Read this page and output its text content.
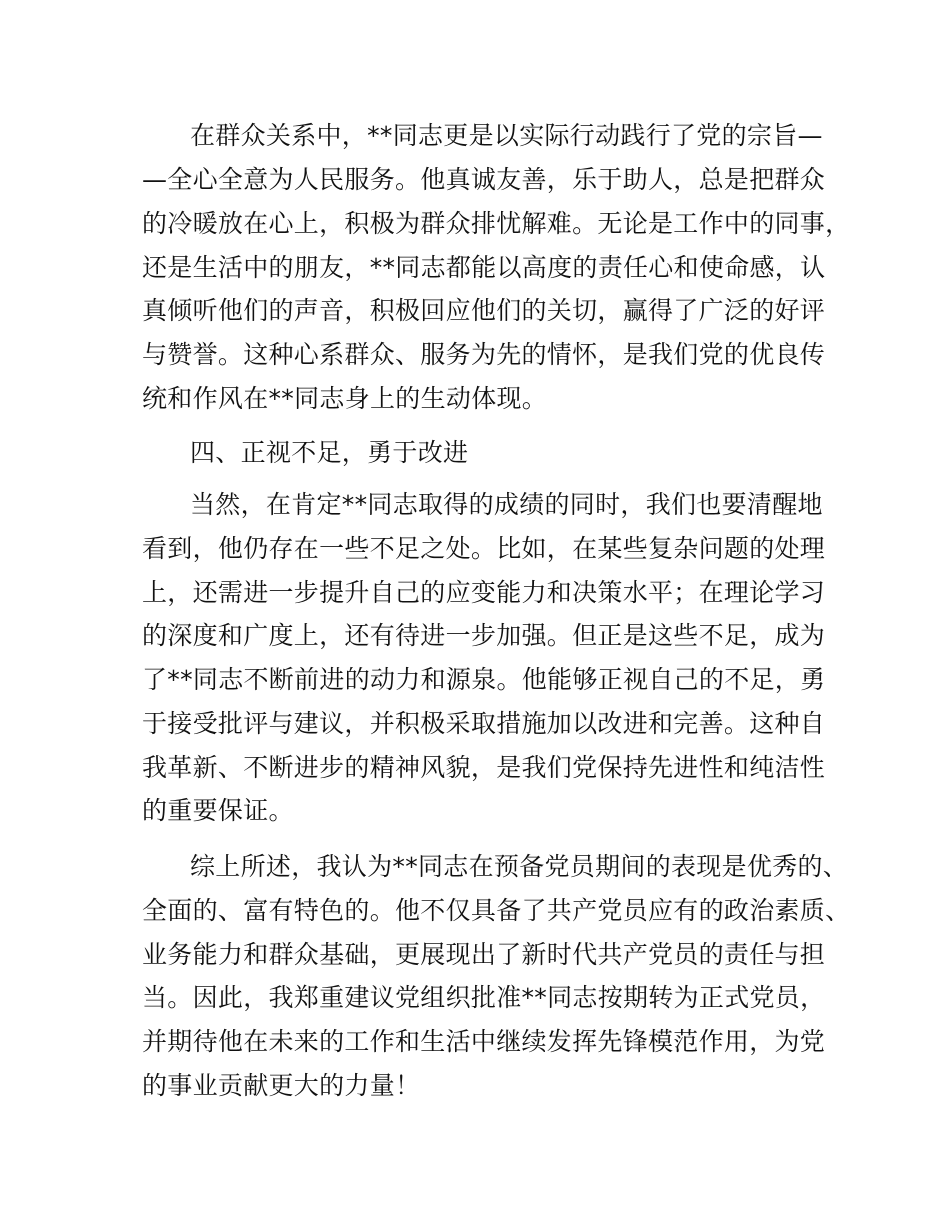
在群众关系中，**同志更是以实际行动践行了党的宗旨—
—全心全意为人民服务。他真诚友善，乐于助人，总是把群众
的冷暖放在心上，积极为群众排忧解难。无论是工作中的同事，
还是生活中的朋友，**同志都能以高度的责任心和使命感，认
真倾听他们的声音，积极回应他们的关切，赢得了广泛的好评
与赞誉。这种心系群众、服务为先的情怀，是我们党的优良传
统和作风在**同志身上的生动体现。
四、正视不足，勇于改进
当然，在肯定**同志取得的成绩的同时，我们也要清醒地
看到，他仍存在一些不足之处。比如，在某些复杂问题的处理
上，还需进一步提升自己的应变能力和决策水平；在理论学习
的深度和广度上，还有待进一步加强。但正是这些不足，成为
了**同志不断前进的动力和源泉。他能够正视自己的不足，勇
于接受批评与建议，并积极采取措施加以改进和完善。这种自
我革新、不断进步的精神风貌，是我们党保持先进性和纯洁性
的重要保证。
综上所述，我认为**同志在预备党员期间的表现是优秀的、
全面的、富有特色的。他不仅具备了共产党员应有的政治素质、
业务能力和群众基础，更展现出了新时代共产党员的责任与担
当。因此，我郑重建议党组织批准**同志按期转为正式党员，
并期待他在未来的工作和生活中继续发挥先锋模范作用，为党
的事业贡献更大的力量！
